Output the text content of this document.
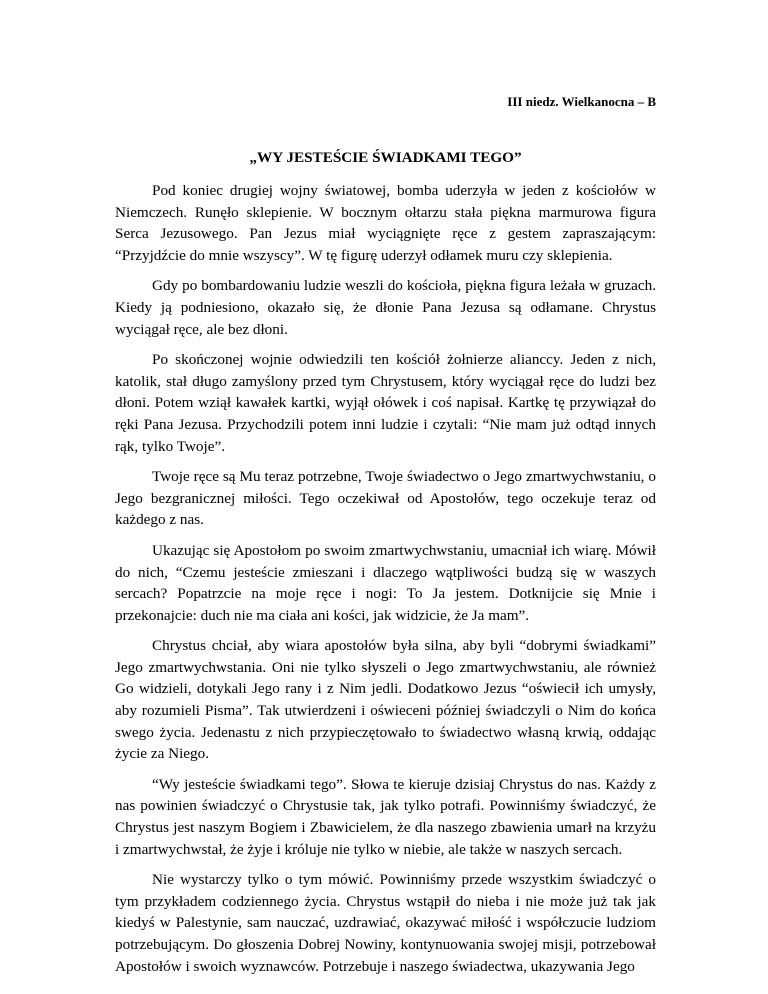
III niedz. Wielkanocna – B
„WY JESTEŚCIE ŚWIADKAMI TEGO”

Pod koniec drugiej wojny światowej, bomba uderzyła w jeden z kościołów w Niemczech. Runęło sklepienie. W bocznym ołtarzu stała piękna marmurowa figura Serca Jezusowego. Pan Jezus miał wyciągnięte ręce z gestem zapraszającym: “Przyjdźcie do mnie wszyscy”. W tę figurę uderzył odłamek muru czy sklepienia.

Gdy po bombardowaniu ludzie weszli do kościoła, piękna figura leżała w gruzach. Kiedy ją podniesiono, okazało się, że dłonie Pana Jezusa są odłamane. Chrystus wyciągał ręce, ale bez dłoni.

Po skończonej wojnie odwiedzili ten kościół żołnierze alianccy. Jeden z nich, katolik, stał długo zamyślony przed tym Chrystusem, który wyciągał ręce do ludzi bez dłoni. Potem wziął kawałek kartki, wyjął ołówek i coś napisał. Kartkę tę przywiązał do ręki Pana Jezusa. Przychodzili potem inni ludzie i czytali: “Nie mam już odtąd innych rąk, tylko Twoje”.

Twoje ręce są Mu teraz potrzebne, Twoje świadectwo o Jego zmartwychwstaniu, o Jego bezgranicznej miłości. Tego oczekiwał od Apostołów, tego oczekuje teraz od każdego z nas.

Ukazując się Apostołom po swoim zmartwychwstaniu, umacniał ich wiarę. Mówił do nich, “Czemu jesteście zmieszani i dlaczego wątpliwości budzą się w waszych sercach? Popatrzcie na moje ręce i nogi: To Ja jestem. Dotknijcie się Mnie i przekonajcie: duch nie ma ciała ani kości, jak widzicie, że Ja mam”.

Chrystus chciał, aby wiara apostołów była silna, aby byli “dobrymi świadkami” Jego zmartwychwstania. Oni nie tylko słyszeli o Jego zmartwychwstaniu, ale również Go widzieli, dotykali Jego rany i z Nim jedli. Dodatkowo Jezus “oświecił ich umysły, aby rozumieli Pisma”. Tak utwierdzeni i oświeceni później świadczyli o Nim do końca swego życia. Jedenastu z nich przypieczętowało to świadectwo własną krwią, oddając życie za Niego.

“Wy jesteście świadkami tego”. Słowa te kieruje dzisiaj Chrystus do nas. Każdy z nas powinien świadczyć o Chrystusie tak, jak tylko potrafi. Powinniśmy świadczyć, że Chrystus jest naszym Bogiem i Zbawicielem, że dla naszego zbawienia umarł na krzyżu i zmartwychwstał, że żyje i króluje nie tylko w niebie, ale także w naszych sercach.

Nie wystarczy tylko o tym mówić. Powinniśmy przede wszystkim świadczyć o tym przykładem codziennego życia. Chrystus wstąpił do nieba i nie może już tak jak kiedyś w Palestynie, sam nauczać, uzdrawiać, okazywać miłość i współczucie ludziom potrzebującym. Do głoszenia Dobrej Nowiny, kontynuowania swojej misji, potrzebował Apostołów i swoich wyznawców. Potrzebuje i naszego świadectwa, ukazywania Jego
